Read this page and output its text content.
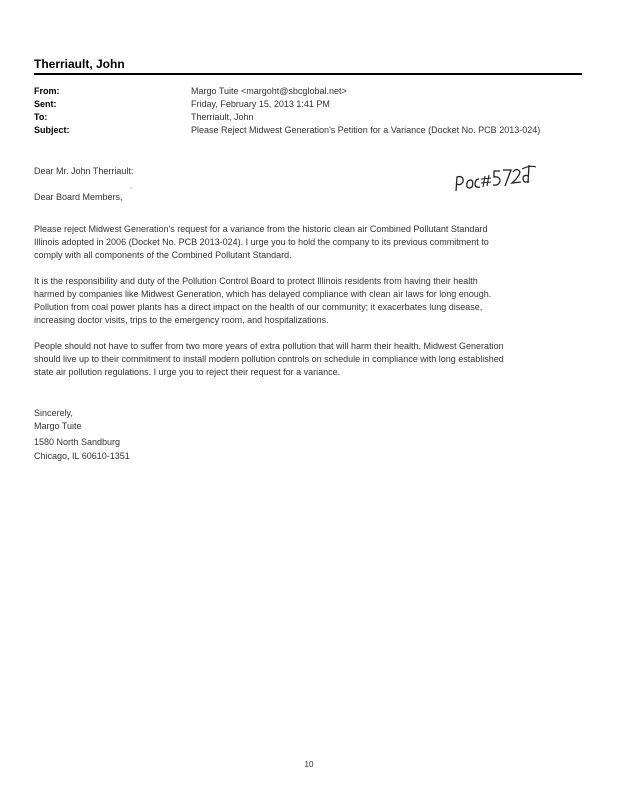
Therriault, John
From:	Margo Tuite <margoht@sbcglobal.net>
Sent:	Friday, February 15, 2013 1:41 PM
To:	Therriault, John
Subject:	Please Reject Midwest Generation's Petition for a Variance (Docket No. PCB 2013-024)
Dear Mr. John Therriault:
,
Dear Board Members,
Please reject Midwest Generation's request for a variance from the historic clean air Combined Pollutant Standard
Illinois adopted in 2006 (Docket No. PCB 2013-024). I urge you to hold the company to its previous commitment to
comply with all components of the Combined Pollutant Standard.
It is the responsibility and duty of the Pollution Control Board to protect Illinois residents from having their health
harmed by companies like Midwest Generation, which has delayed compliance with clean air laws for long enough.
Pollution from coal power plants has a direct impact on the health of our community; it exacerbates lung disease,
increasing doctor visits, trips to the emergency room, and hospitalizations.
People should not have to suffer from two more years of extra pollution that will harm their health. Midwest Generation
should live up to their commitment to install modern pollution controls on schedule in compliance with long established
state air pollution regulations. I urge you to reject their request for a variance.
Sincerely,
Margo Tuite
1580 North Sandburg
Chicago, IL 60610-1351
10
